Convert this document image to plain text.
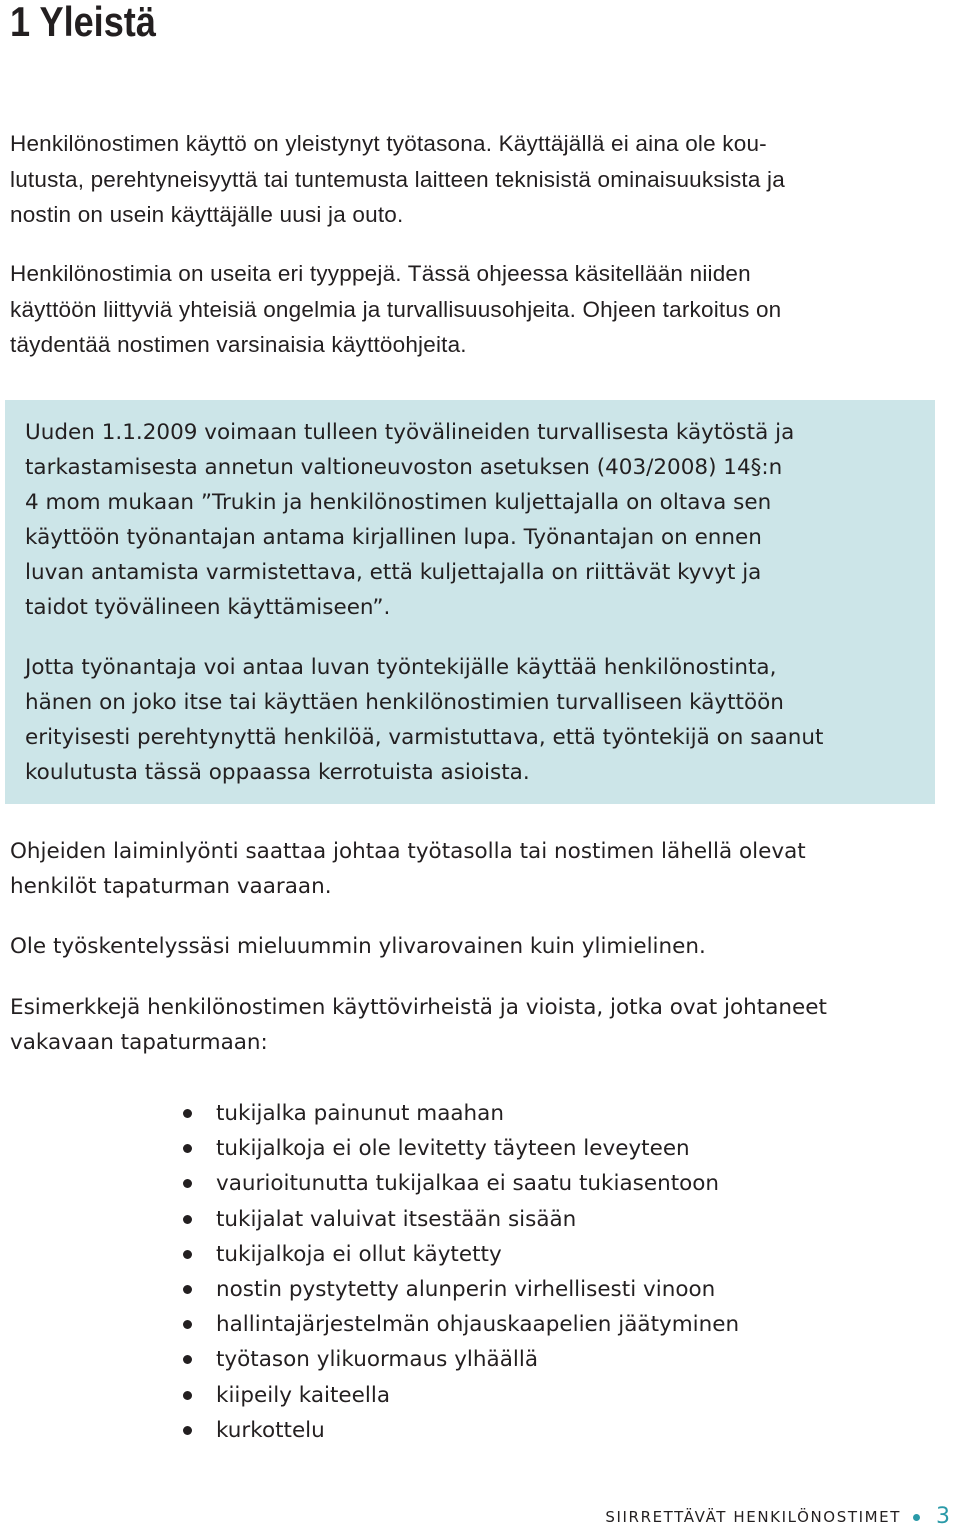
1 Yleistä

Henkilönostimen käyttö on yleistynyt työtasona. Käyttäjällä ei aina ole kou-
lutusta, perehtyneisyyttä tai tuntemusta laitteen teknisistä ominaisuuksista ja
nostin on usein käyttäjälle uusi ja outo.

Henkilönostimia on useita eri tyyppejä. Tässä ohjeessa käsitellään niiden
käyttöön liittyviä yhteisiä ongelmia ja turvallisuusohjeita. Ohjeen tarkoitus on
täydentää nostimen varsinaisia käyttöohjeita.

Uuden 1.1.2009 voimaan tulleen työvälineiden turvallisesta käytöstä ja
tarkastamisesta annetun valtioneuvoston asetuksen (403/2008) 14§:n
4 mom mukaan ”Trukin ja henkilönostimen kuljettajalla on oltava sen
käyttöön työnantajan antama kirjallinen lupa. Työnantajan on ennen
luvan antamista varmistettava, että kuljettajalla on riittävät kyvyt ja
taidot työvälineen käyttämiseen”.

Jotta työnantaja voi antaa luvan työntekijälle käyttää henkilönostinta,
hänen on joko itse tai käyttäen henkilönostimien turvalliseen käyttöön
erityisesti perehtynyttä henkilöä, varmistuttava, että työntekijä on saanut
koulutusta tässä oppaassa kerrotuista asioista.

Ohjeiden laiminlyönti saattaa johtaa työtasolla tai nostimen lähellä olevat
henkilöt tapaturman vaaraan.

Ole työskentelyssäsi mieluummin ylivarovainen kuin ylimielinen.

Esimerkkejä henkilönostimen käyttövirheistä ja vioista, jotka ovat johtaneet
vakavaan tapaturmaan:

tukijalka painunut maahan
tukijalkoja ei ole levitetty täyteen leveyteen
vaurioitunutta tukijalkaa ei saatu tukiasentoon
tukijalat valuivat itsestään sisään
tukijalkoja ei ollut käytetty
nostin pystytetty alunperin virhellisesti vinoon
hallintajärjestelmän ohjauskaapelien jäätyminen
työtason ylikuormaus ylhäällä
kiipeily kaiteella
kurkottelu
SIIRRETTÄVÄT HENKILÖNOSTIMET 3
